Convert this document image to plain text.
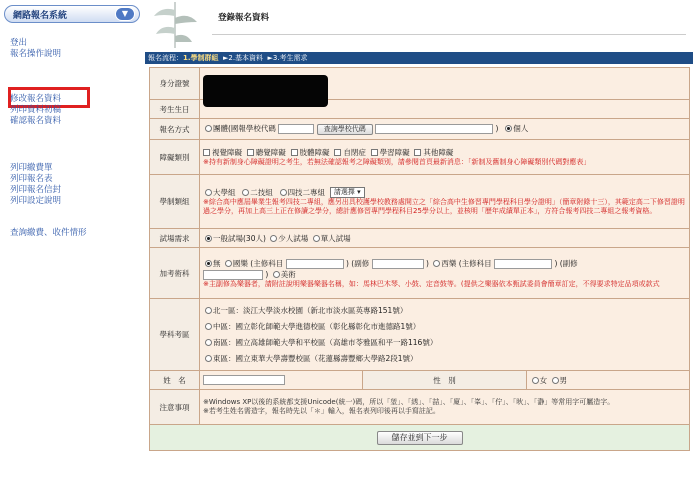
網路報名系統	▼
登出
報名操作說明
修改報名資料
列印資料初稿
確認報名資料
列印繳費單
列印報名表
列印報名信封
列印設定說明
查詢繳費、收件情形
登錄報名資料
報名流程：1.學制群組 ►2.基本資料 ►3.考生需求
身分證號			
考生生日			
報名方式	團體(國報學校代碼 查詢學校代碼 ) 個人		
障礙類別	視覺障礙 聽覺障礙 肢體障礙 自閉症 學習障礙 其他障礙
※持有新制身心障礙證明之考生，若無法確認報考之障礙類別，請參閱首頁最新消息：「新制及舊制身心障礙類別代碼對應表」		

學制類組	大學組 二技組 四技二專組 請選擇 ▾
※綜合高中應屆畢業生報考四技二專組，應另出具校護學校教務處開立之「綜合高中生修習專門學程科目學分證明」（簡章附錄十三），其範定高二下修習證明過之學分，再加上高三上正在修讀之學分，總計應修習專門學程科目25學分以上，並核明「歷年成績單正本」，方符合報考四技二專組之報考資格。		

試場需求	一般試場(30人) 少人試場 單人試場		
加考術科	無 國樂 (主修科目 ) (副修 ) 西樂 (主修科目 ) (副修
) 美術
※主副修為樂器者，請附註說明樂器樂器名稱，如：馬林巴木琴、小鼓、定音鼓等。(提供之樂器依本甄試委員會簡章訂定，不得要求特定品項或款式		

學科考區	北一區：淡江大學淡水校園（新北市淡水區英專路151號）
中區：國立彰化師範大學進德校區（彰化縣彰化市進德路1號）
南區：國立高雄師範大學和平校區（高雄市苓雅區和平一路116號）
東區：國立東華大學壽豐校區（花蓮縣壽豐鄉大學路2段1號）		

姓　名		性　別	女 男
注意事項	※Windows XP以後的系統都支援Unicode(統一)碼，所以「堃」、「綉」、「喆」、「廈」、「峯」、「佇」、「炚」、「瀞」等常用字可屬造字。
※若考生姓名需造字，報名時先以「＊」輸入，報名表列印後再以手寫註記。		

儲存並到下一步			
